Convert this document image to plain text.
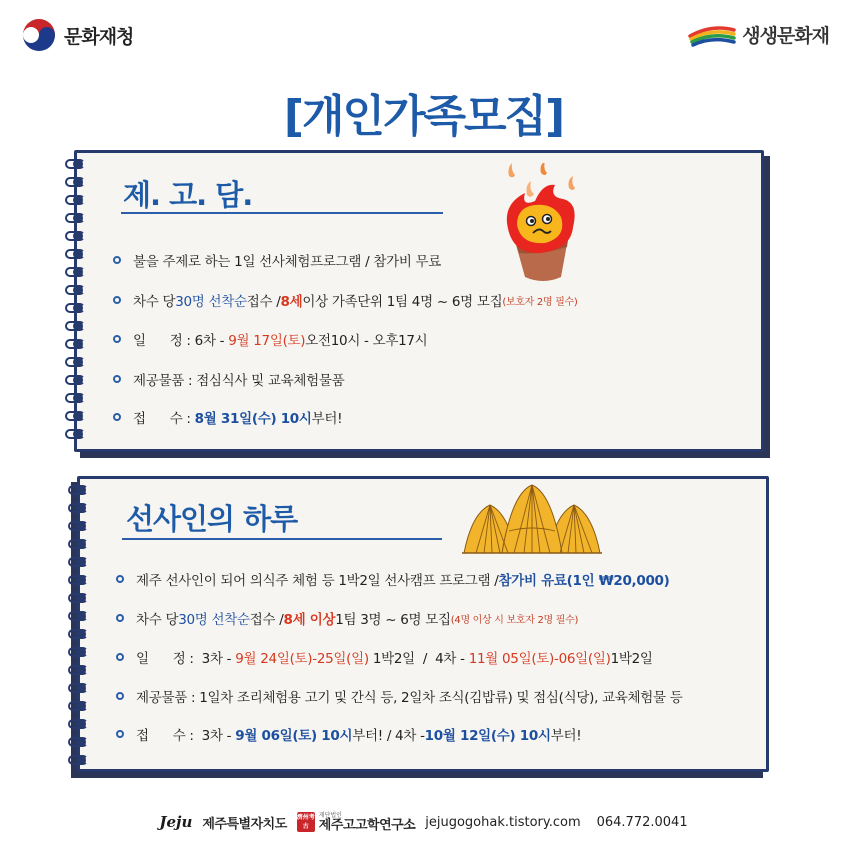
문화재청	생생문화재
[개인가족모집]
제. 고. 담.
불을 주제로 하는 1일 선사체험프로그램 / 참가비 무료
차수 당 30명 선착순 접수 / 8세 이상 가족단위 1팀 4명 ~ 6명 모집 (보호자 2명 필수)
일      정 : 6차 - 9월 17일(토) 오전10시 - 오후17시
제공물품 : 점심식사 및 교육체험물품
접      수 : 8월 31일(수) 10시 부터!
선사인의 하루
제주 선사인이 되어 의식주 체험 등 1박2일 선사캠프 프로그램 / 참가비 유료(1인 ₩20,000)
차수 당 30명 선착순 접수 / 8세 이상 1팀 3명 ~ 6명 모집 (4명 이상 시 보호자 2명 필수)
일      정 :  3차 - 9월 24일(토)-25일(일) 1박2일  /  4차 - 11월 05일(토)-06일(일) 1박2일
제공물품 : 1일차 조리체험용 고기 및 간식 등, 2일차 조식(김밥류) 및 점심(식당), 교육체험물 등
접      수 :  3차 - 9월 06일(토) 10시 부터! / 4차 - 10월 12일(수) 10시 부터!
Jeju 제주특별자치도 濟州考古
재단법인
제주고고학연구소 jejugogohak.tistory.com 064.772.0041
